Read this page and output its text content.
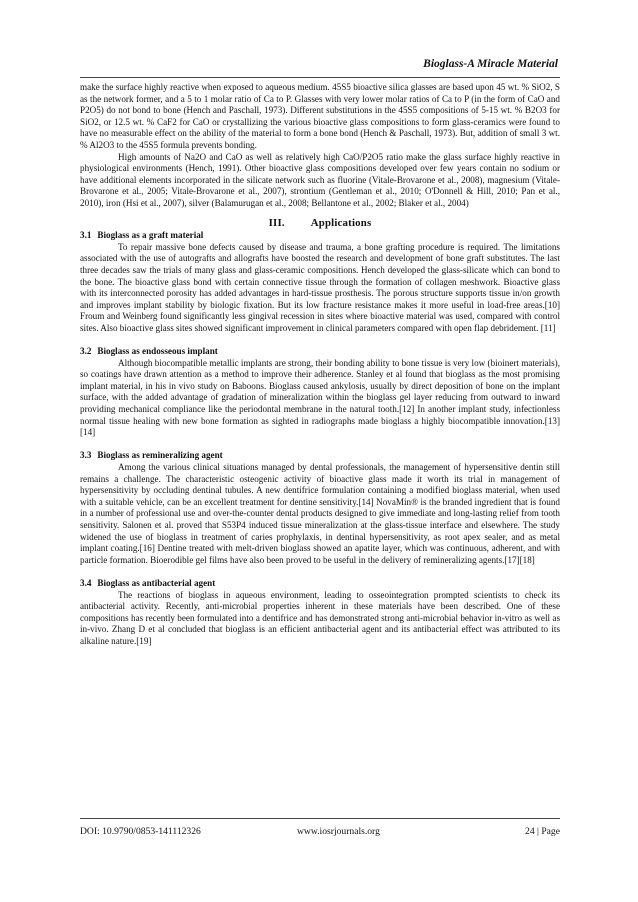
Bioglass-A Miracle Material

make the surface highly reactive when exposed to aqueous medium. 45S5 bioactive silica glasses are based upon 45 wt. % SiO2, S as the network former, and a 5 to 1 molar ratio of Ca to P. Glasses with very lower molar ratios of Ca to P (in the form of CaO and P2O5) do not bond to bone (Hench and Paschall, 1973). Different substitutions in the 45S5 compositions of 5-15 wt. % B2O3 for SiO2, or 12.5 wt. % CaF2 for CaO or crystallizing the various bioactive glass compositions to form glass-ceramics were found to have no measurable effect on the ability of the material to form a bone bond (Hench & Paschall, 1973). But, addition of small 3 wt. % Al2O3 to the 45S5 formula prevents bonding.

High amounts of Na2O and CaO as well as relatively high CaO/P2O5 ratio make the glass surface highly reactive in physiological environments (Hench, 1991). Other bioactive glass compositions developed over few years contain no sodium or have additional elements incorporated in the silicate network such as fluorine (Vitale-Brovarone et al., 2008), magnesium (Vitale-Brovarone et al., 2005; Vitale-Brovarone et al., 2007), strontium (Gentleman et al., 2010; O'Donnell & Hill, 2010; Pan et al., 2010), iron (Hsi et al., 2007), silver (Balamurugan et al., 2008; Bellantone et al., 2002; Blaker et al., 2004)

III. Applications
3.1 Bioglass as a graft material

To repair massive bone defects caused by disease and trauma, a bone grafting procedure is required. The limitations associated with the use of autografts and allografts have boosted the research and development of bone graft substitutes. The last three decades saw the trials of many glass and glass-ceramic compositions. Hench developed the glass-silicate which can bond to the bone. The bioactive glass bond with certain connective tissue through the formation of collagen meshwork. Bioactive glass with its interconnected porosity has added advantages in hard-tissue prosthesis. The porous structure supports tissue in/on growth and improves implant stability by biologic fixation. But its low fracture resistance makes it more useful in load-free areas.[10] Froum and Weinberg found significantly less gingival recession in sites where bioactive material was used, compared with control sites. Also bioactive glass sites showed significant improvement in clinical parameters compared with open flap debridement. [11]

3.2 Bioglass as endosseous implant

Although biocompatible metallic implants are strong, their bonding ability to bone tissue is very low (bioinert materials), so coatings have drawn attention as a method to improve their adherence. Stanley et al found that bioglass as the most promising implant material, in his in vivo study on Baboons. Bioglass caused ankylosis, usually by direct deposition of bone on the implant surface, with the added advantage of gradation of mineralization within the bioglass gel layer reducing from outward to inward providing mechanical compliance like the periodontal membrane in the natural tooth.[12] In another implant study, infectionless normal tissue healing with new bone formation as sighted in radiographs made bioglass a highly biocompatible innovation.[13][14]

3.3 Bioglass as remineralizing agent

Among the various clinical situations managed by dental professionals, the management of hypersensitive dentin still remains a challenge. The characteristic osteogenic activity of bioactive glass made it worth its trial in management of hypersensitivity by occluding dentinal tubules. A new dentifrice formulation containing a modified bioglass material, when used with a suitable vehicle, can be an excellent treatment for dentine sensitivity.[14] NovaMin® is the branded ingredient that is found in a number of professional use and over-the-counter dental products designed to give immediate and long-lasting relief from tooth sensitivity. Salonen et al. proved that S53P4 induced tissue mineralization at the glass-tissue interface and elsewhere. The study widened the use of bioglass in treatment of caries prophylaxis, in dentinal hypersensitivity, as root apex sealer, and as metal implant coating.[16] Dentine treated with melt-driven bioglass showed an apatite layer, which was continuous, adherent, and with particle formation. Bioerodible gel films have also been proved to be useful in the delivery of remineralizing agents.[17][18]

3.4 Bioglass as antibacterial agent

The reactions of bioglass in aqueous environment, leading to osseointegration prompted scientists to check its antibacterial activity. Recently, anti-microbial properties inherent in these materials have been described. One of these compositions has recently been formulated into a dentifrice and has demonstrated strong anti-microbial behavior in-vitro as well as in-vivo. Zhang D et al concluded that bioglass is an efficient antibacterial agent and its antibacterial effect was attributed to its alkaline nature.[19]

DOI: 10.9790/0853-141112326	www.iosrjournals.org	24 | Page
